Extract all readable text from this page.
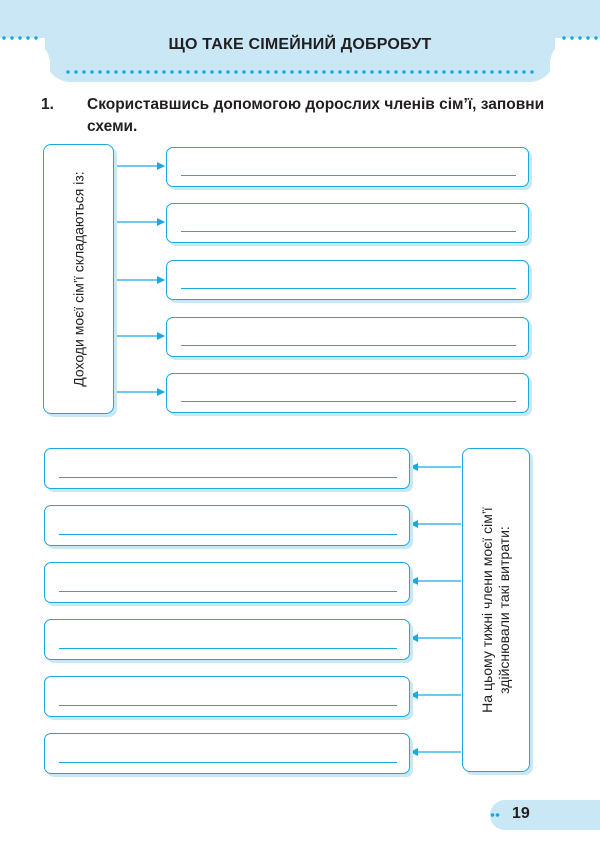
ЩО ТАКЕ СІМЕЙНИЙ ДОБРОБУТ
1. Скориставшись допомогою дорослих членів сім’ї, заповни схеми.
Доходи моєї сім’ї складаються із:
На цьому тижні члени моєї сім’ї здійснювали такі витрати:
19
